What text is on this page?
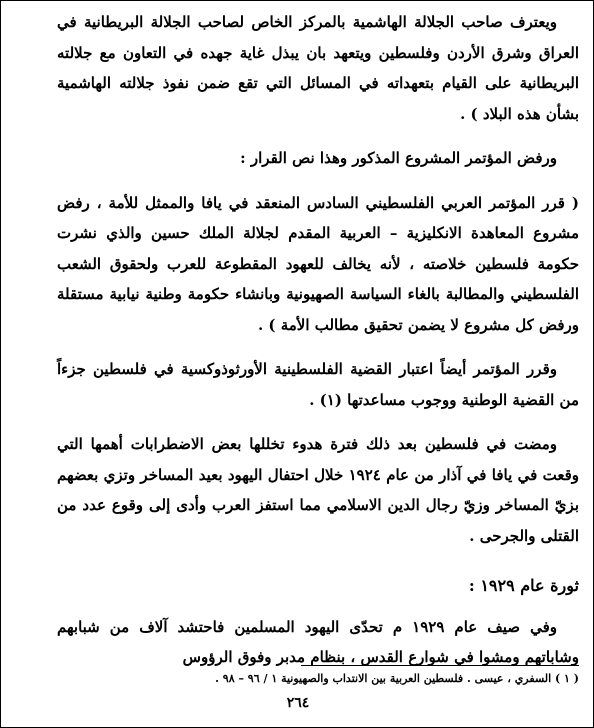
ويعترف صاحب الجلالة الهاشمية بالمركز الخاص لصاحب الجلالة البريطانية في العراق وشرق الأردن وفلسطين ويتعهد بان يبذل غاية جهده في التعاون مع جلالته البريطانية على القيام بتعهداته في المسائل التي تقع ضمن نفوذ جلالته الهاشمية بشأن هذه البلاد ) .

ورفض المؤتمر المشروع المذكور وهذا نص القرار :

( قرر المؤتمر العربي الفلسطيني السادس المنعقد في يافا والممثل للأمة ، رفض مشروع المعاهدة الانكليزية – العربية المقدم لجلالة الملك حسين والذي نشرت حكومة فلسطين خلاصته ، لأنه يخالف للعهود المقطوعة للعرب ولحقوق الشعب الفلسطيني والمطالبة بالغاء السياسة الصهيونية وبانشاء حكومة وطنية نيابية مستقلة ورفض كل مشروع لا يضمن تحقيق مطالب الأمة ) .

وقرر المؤتمر أيضاً اعتبار القضية الفلسطينية الأورثوذوكسية في فلسطين جزءاً من القضية الوطنية ووجوب مساعدتها (١) .

ومضت في فلسطين بعد ذلك فترة هدوء تخللها بعض الاضطرابات أهمها التي وقعت في يافا في آذار من عام ١٩٢٤ خلال احتفال اليهود بعيد المساخر وتزي بعضهم بزيّ المساخر وزيّ رجال الدين الاسلامي مما استفز العرب وأدى إلى وقوع عدد من القتلى والجرحى .

ثورة عام ١٩٢٩ :

وفي صيف عام ١٩٢٩ م تحدّى اليهود المسلمين فاحتشد آلاف من شبابهم وشاباتهم ومشوا في شوارع القدس ، بنظام مدبر وفوق الرؤوس

( ١ ) السفري ، عيسى . فلسطين العربية بين الانتداب والصهيونية ١ / ٩٦ – ٩٨ .
٢٦٤
